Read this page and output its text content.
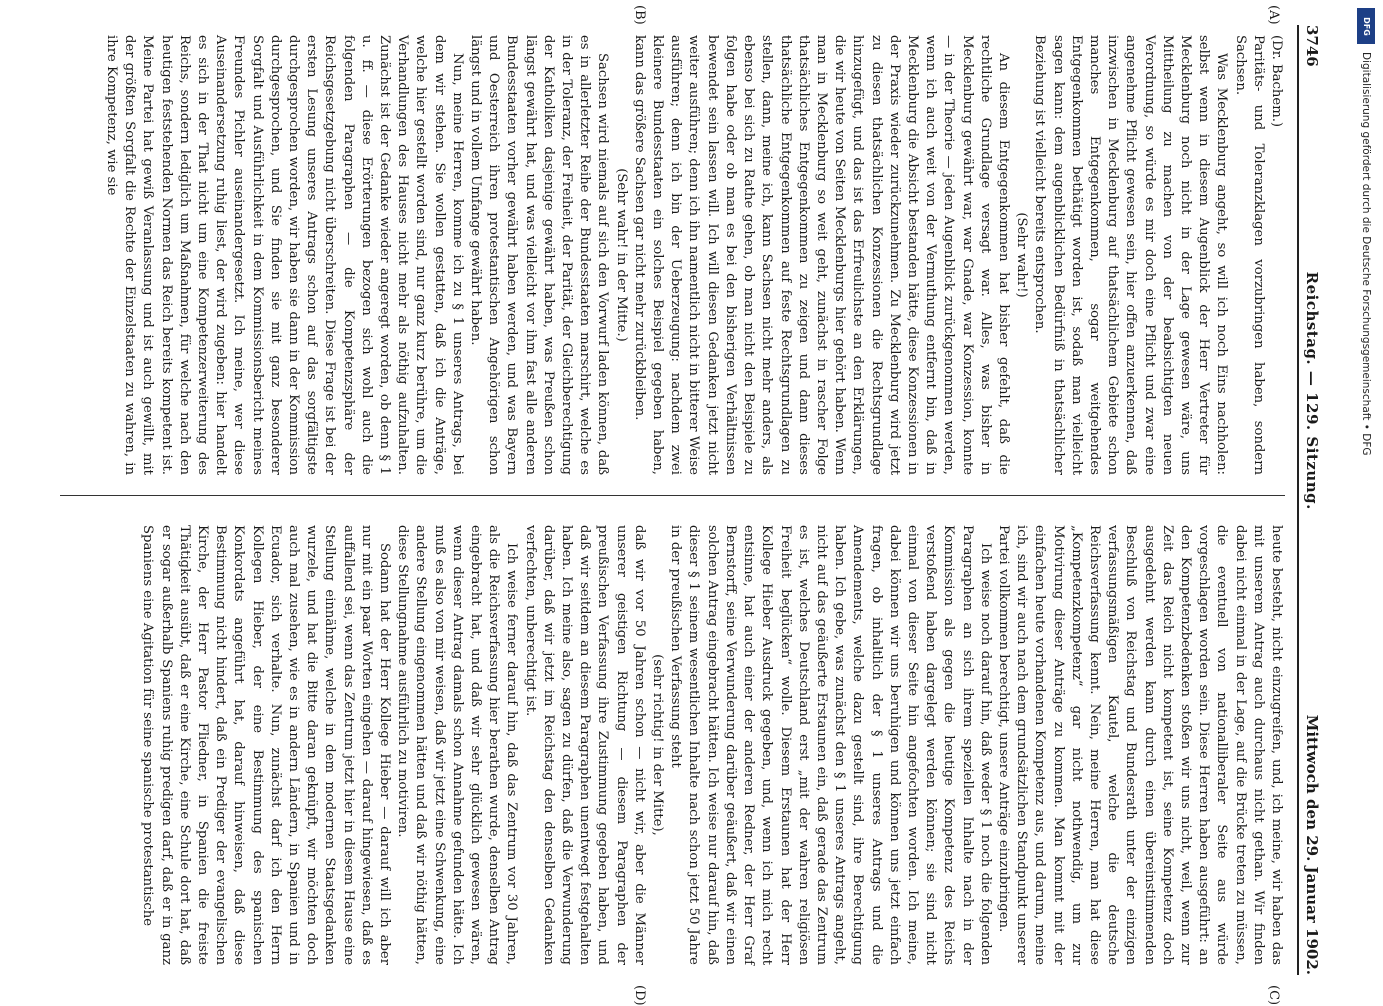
3746
Reichstag. — 129. Sitzung.
Mittwoch den 29. Januar 1902.
(A)
(B)
(C)
(D)

(Dr. Bachem.)

Paritäts- und Toleranzklagen vorzubringen haben, sondern Sachsen.

Was Mecklenburg angeht, so will ich noch Eins nachholen: selbst wenn in diesem Augenblick der Herr Vertreter für Mecklenburg noch nicht in der Lage gewesen wäre, uns Mittheilung zu machen von der beabsichtigten neuen Verordnung, so würde es mir doch eine Pflicht und zwar eine angenehme Pflicht gewesen sein, hier offen anzuerkennen, daß inzwischen in Mecklenburg auf thatsächlichem Gebiete schon manches Entgegenkommen, sogar weitgehendes Entgegenkommen bethätigt worden ist, sodaß man vielleicht sagen kann: dem augenblicklichen Bedürfniß in thatsächlicher Beziehung ist vielleicht bereits entsprochen.

(Sehr wahr!)

An diesem Entgegenkommen hat bisher gefehlt, daß die rechtliche Grundlage versagt war. Alles, was bisher in Mecklenburg gewährt war, war Gnade, war Konzession, konnte — in der Theorie — jeden Augenblick zurückgenommen werden, wenn ich auch weit von der Vermuthung entfernt bin, daß in Mecklenburg die Absicht bestanden hätte, diese Konzessionen in der Praxis wieder zurückzunehmen. Zu Mecklenburg wird jetzt zu diesen thatsächlichen Konzessionen die Rechtsgrundlage hinzugefügt, und das ist das Erfreulichste an den Erklärungen, die wir heute von Seiten Mecklenburgs hier gehört haben. Wenn man in Mecklenburg so weit geht, zunächst in rascher Folge thatsächliches Entgegenkommen zu zeigen und dann dieses thatsächliche Entgegenkommen auf feste Rechtsgrundlagen zu stellen, dann, meine ich, kann Sachsen nicht mehr anders, als ebenso bei sich zu Rathe gehen, ob man nicht den Beispiele zu folgen habe oder ob man es bei den bisherigen Verhältnissen bewendet sein lassen will. Ich will diesen Gedanken jetzt nicht weiter ausführen; denn ich ihn namentlich nicht in bitterer Weise ausführen; denn ich bin der Ueberzeugung: nachdem zwei kleinere Bundesstaaten ein solches Beispiel gegeben haben, kann das größere Sachsen gar nicht mehr zurückbleiben.

(Sehr wahr! in der Mitte.)

Sachsen wird niemals auf sich den Vorwurf laden können, daß es in allerletzter Reihe der Bundesstaaten marschirt, welche es in der Toleranz, der Freiheit, der Parität, der Gleichberechtigung der Katholiken dasjenige gewährt haben, was Preußen schon längst gewährt hat, und was vielleicht vor ihm fast alle anderen Bundesstaaten vorher gewährt haben werden, und was Bayern und Oesterreich ihren protestantischen Angehörigen schon längst und in vollem Umfange gewährt haben.

Nun, meine Herren, komme ich zu § 1 unseres Antrags, bei dem wir stehen. Sie wollen gestatten, daß ich die Anträge, welche hier gestellt worden sind, nur ganz kurz berühre, um die Verhandlungen des Hauses nicht mehr als nöthig aufzuhalten. Zunächst ist der Gedanke wieder angeregt worden, ob denn § 1 u. ff. — diese Erörterungen bezogen sich wohl auch die folgenden Paragraphen — die Kompetenzsphäre der Reichsgesetzgebung nicht überschreiten. Diese Frage ist bei der ersten Lesung unseres Antrags schon auf das sorgfältigste durchgesprochen worden, wir haben sie dann in der Kommission durchgesprochen, und Sie finden sie mit ganz besonderer Sorgfalt und Ausführlichkeit in dem Kommissionsbericht meines Freundes Pichler auseinandergesetzt. Ich meine, wer diese Auseinandersetzung ruhig liest, der wird zugeben: hier handelt es sich in der That nicht um eine Kompetenzerweiterung des Reichs, sondern lediglich um Maßnahmen, für welche nach den heutigen feststehenden Normen das Reich bereits kompetent ist. Meine Partei hat gewiß Veranlassung und ist auch gewillt, mit der größten Sorgfalt die Rechte der Einzelstaaten zu wahren, in ihre Kompetenz, wie sie

heute besteht, nicht einzugreifen, und, ich meine, wir haben das mit unserem Antrag auch durchaus nicht gethan. Wir finden dabei nicht einmal in der Lage, auf die Brücke treten zu müssen, die eventuell von nationalliberaler Seite aus würde vorgeschlagen worden sein. Diese Herren haben ausgeführt: an den Kompetenzbedenken stoßen wir uns nicht, weil, wenn zur Zeit das Reich nicht kompetent ist, seine Kompetenz doch ausgedehnt werden kann durch einen übereinstimmenden Beschluß von Reichstag und Bundesrath unter der einzigen verfassungsmäßigen Kautel, welche die deutsche Reichsverfassung kennt. Nein, meine Herren, man hat diese „Kompetenzkompetenz“ gar nicht nothwendig, um zur Motivirung dieser Anträge zu kommen. Man kommt mit der einfachen heute vorhandenen Kompetenz aus, und darum, meine ich, sind wir auch nach dem grundsätzlichen Standpunkt unserer Partei vollkommen berechtigt, unsere Anträge einzubringen.

Ich weise noch darauf hin, daß weder § 1 noch die folgenden Paragraphen an sich ihrem speziellen Inhalte nach in der Kommission als gegen die heutige Kompetenz des Reichs verstoßend haben dargelegt werden können; sie sind nicht einmal von dieser Seite hin angefochten worden. Ich meine, dabei können wir uns beruhigen und können uns jetzt einfach fragen, ob inhaltlich der § 1 unseres Antrags und die Amendements, welche dazu gestellt sind, ihre Berechtigung haben. Ich gebe, was zunächst den § 1 unseres Antrags angeht, nicht auf das geäußerte Erstaunen ein, daß gerade das Zentrum es ist, welches Deutschland erst „mit der wahren religiösen Freiheit beglücken“ wolle. Diesem Erstaunen hat der Herr Kollege Hieber Ausdruck gegeben, und, wenn ich mich recht entsinne, hat auch einer der anderen Redner, der Herr Graf Bernstorff, seine Verwunderung darüber geäußert, daß wir einen solchen Antrag eingebracht hätten. Ich weise nur darauf hin, daß dieser § 1 seinem wesentlichen Inhalte nach schon jetzt 50 Jahre in der preußischen Verfassung steht

(sehr richtig! in der Mitte),

daß wir vor 50 Jahren schon — nicht wir, aber die Männer unserer geistigen Richtung — diesem Paragraphen der preußischen Verfassung ihre Zustimmung gegeben haben, und daß wir seitdem an diesem Paragraphen unentwegt festgehalten haben. Ich meine also, sagen zu dürfen, daß die Verwunderung darüber, daß wir jetzt im Reichstag den denselben Gedanken verfechten, unberechtigt ist.

Ich weise ferner darauf hin, daß das Zentrum vor 30 Jahren, als die Reichsverfassung hier berathen wurde, denselben Antrag eingebracht hat, und daß wir sehr glücklich gewesen wären, wenn dieser Antrag damals schon Annahme gefunden hätte. Ich muß es also von mir weisen, daß wir jetzt eine Schwenkung, eine andere Stellung eingenommen hätten und daß wir nöthig hätten, diese Stellungnahme ausführlich zu motiviren.

Sodann hat der Herr Kollege Hieber — darauf will ich aber nur mit ein paar Worten eingehen — darauf hingewiesen, daß es auffallend sei, wenn das Zentrum jetzt hier in diesem Hause eine Stellung einnähme, welche in dem modernen Staatsgedanken wurzele, und hat die Bitte daran geknüpft, wir möchten doch auch mal zusehen, wie es in andern Ländern, in Spanien und in Ecuador, sich verhalte. Nun, zunächst darf ich den Herrn Kollegen Hieber, der eine Bestimmung des spanischen Konkordats angeführt hat, darauf hinweisen, daß diese Bestimmung nicht hindert, daß ein Prediger der evangelischen Kirche, der Herr Pastor Fliedner, in Spanien die freiste Thätigkeit ausübt, daß er eine Kirche, eine Schule dort hat, daß er sogar außerhalb Spaniens ruhig predigen darf, daß er in ganz Spaniens eine Agitation für seine spanische protestantische

DFG
Digitalisierung gefördert durch die Deutsche Forschungsgemeinschaft • DFG
